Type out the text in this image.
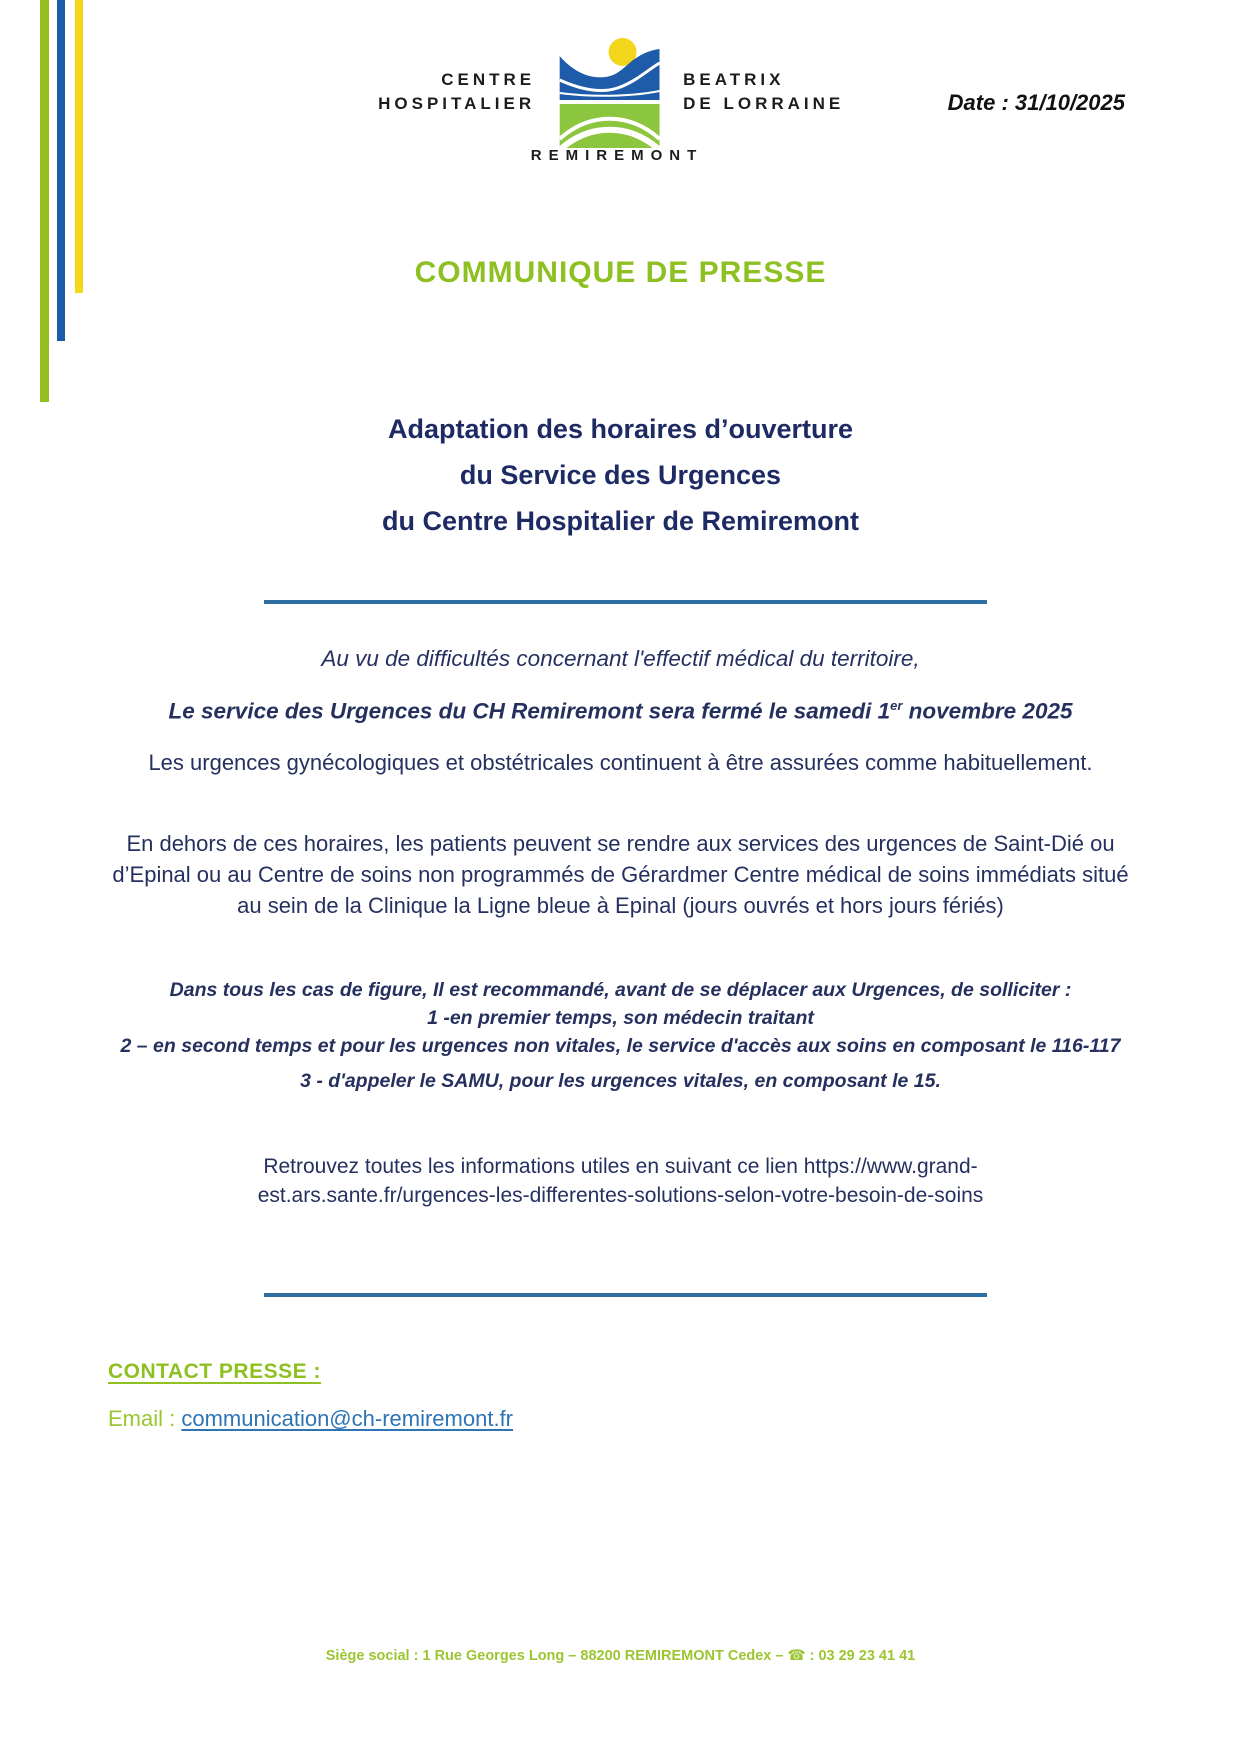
CENTRE
HOSPITALIER
BEATRIX
DE LORRAINE
REMIREMONT
Date : 31/10/2025
COMMUNIQUE DE PRESSE
Adaptation des horaires d’ouverture
du Service des Urgences
du Centre Hospitalier de Remiremont
Au vu de difficultés concernant l'effectif médical du territoire,
Le service des Urgences du CH Remiremont sera fermé le samedi 1er novembre 2025
Les urgences gynécologiques et obstétricales continuent à être assurées comme habituellement.
En dehors de ces horaires, les patients peuvent se rendre aux services des urgences de Saint-Dié ou d’Epinal ou au Centre de soins non programmés de Gérardmer Centre médical de soins immédiats situé au sein de la Clinique la Ligne bleue à Epinal (jours ouvrés et hors jours fériés)
Dans tous les cas de figure, Il est recommandé, avant de se déplacer aux Urgences, de solliciter :
1 -en premier temps, son médecin traitant
2 – en second temps et pour les urgences non vitales, le service d'accès aux soins en composant le 116-117
3 - d'appeler le SAMU, pour les urgences vitales, en composant le 15.
Retrouvez toutes les informations utiles en suivant ce lien https://www.grand-est.ars.sante.fr/urgences-les-differentes-solutions-selon-votre-besoin-de-soins
CONTACT PRESSE :
Email : communication@ch-remiremont.fr
Siège social : 1 Rue Georges Long – 88200 REMIREMONT Cedex – ☎ : 03 29 23 41 41
